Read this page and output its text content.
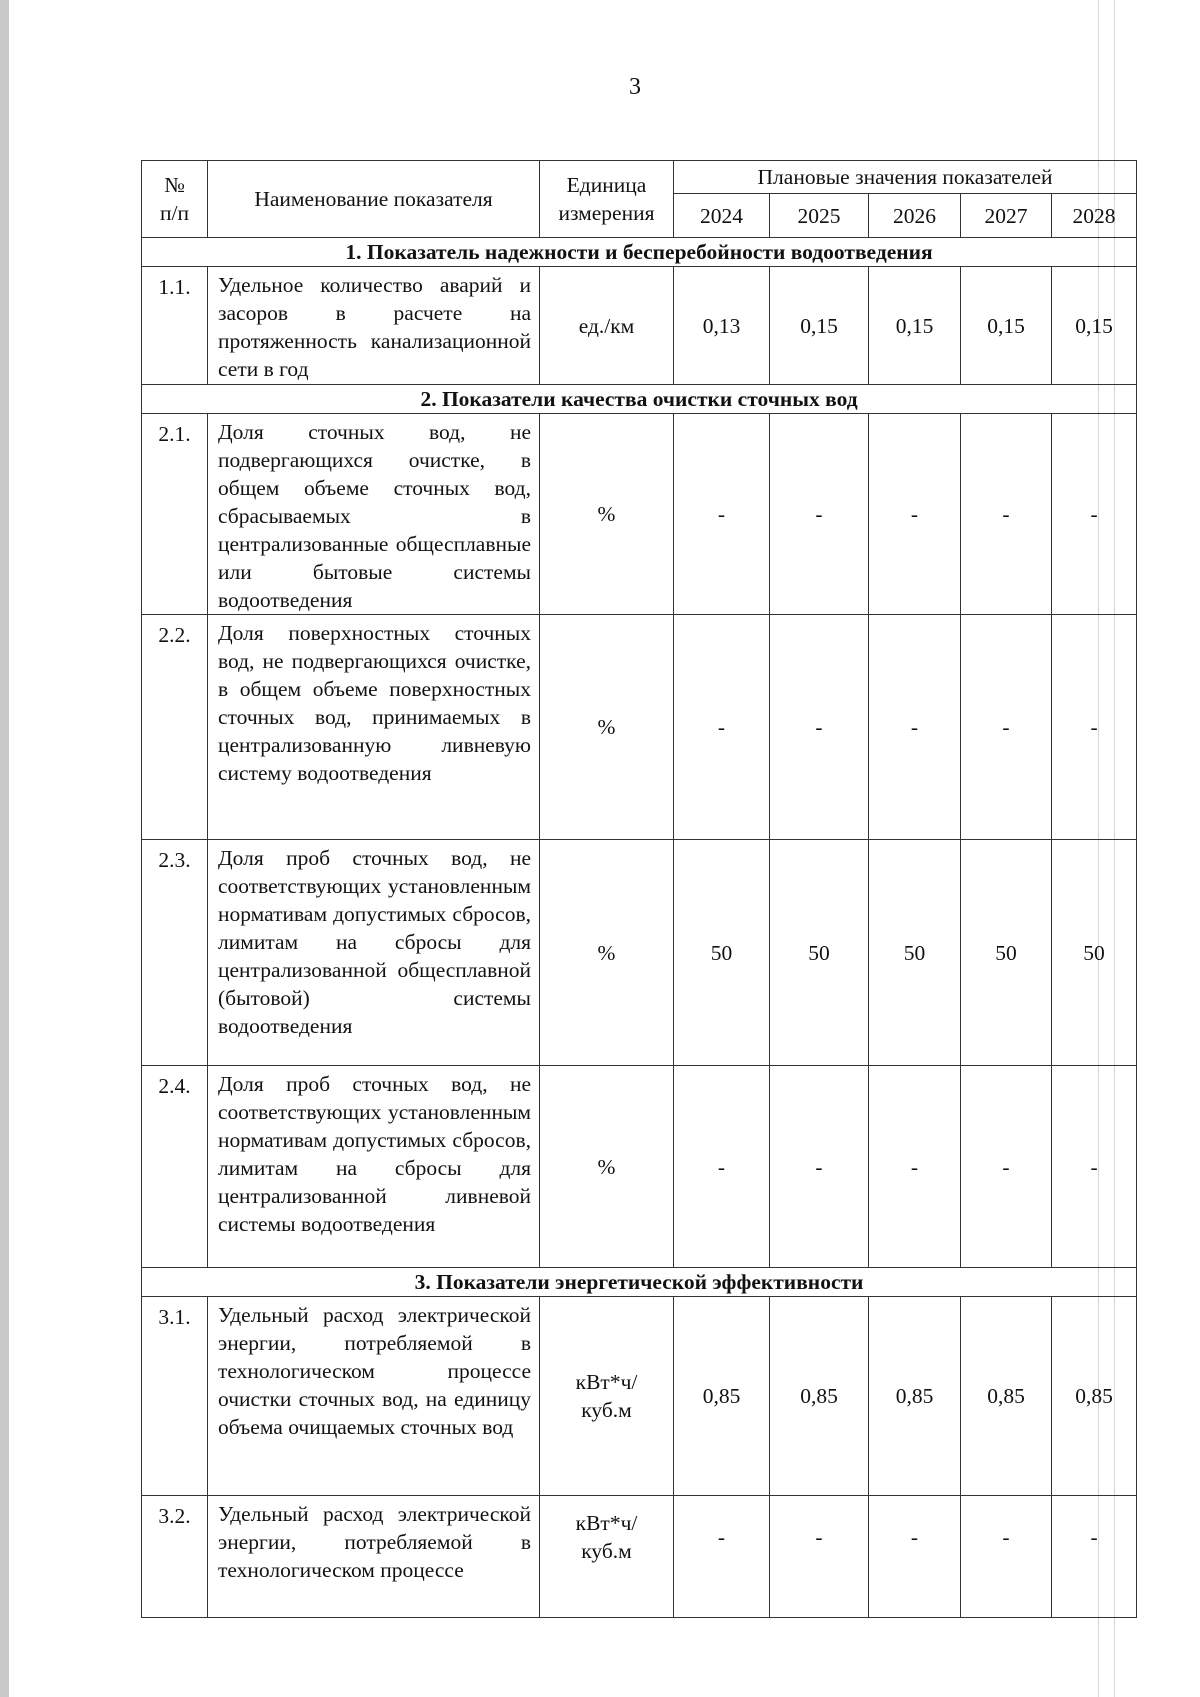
3
№
п/п	Наименование показателя	Единица измерения	Плановые значения показателей				
			2024	2025	2026	2027	2028
1. Показатель надежности и бесперебойности водоотведения							
1.1.	Удельное количество аварий и засоров в расчете на протяженность канализационной сети в год	ед./км	0,13	0,15	0,15	0,15	0,15
2. Показатели качества очистки сточных вод							
2.1.	Доля сточных вод, не подвергающихся очистке, в общем объеме сточных вод, сбрасываемых в централизованные общесплавные или бытовые системы водоотведения	%	-	-	-	-	-
2.2.	Доля поверхностных сточных вод, не подвергающихся очистке, в общем объеме поверхностных сточных вод, принимаемых в централизованную ливневую систему водоотведения	%	-	-	-	-	-
2.3.	Доля проб сточных вод, не соответствующих установленным нормативам допустимых сбросов, лимитам на сбросы для централизованной общесплавной (бытовой) системы водоотведения	%	50	50	50	50	50
2.4.	Доля проб сточных вод, не соответствующих установленным нормативам допустимых сбросов, лимитам на сбросы для централизованной ливневой системы водоотведения	%	-	-	-	-	-
3. Показатели энергетической эффективности							
3.1.	Удельный расход электрической энергии, потребляемой в технологическом процессе очистки сточных вод, на единицу объема очищаемых сточных вод	кВт*ч/ куб.м	0,85	0,85	0,85	0,85	0,85
3.2.	Удельный расход электрической энергии, потребляемой в технологическом процессе	кВт*ч/ куб.м	-	-	-	-	-
